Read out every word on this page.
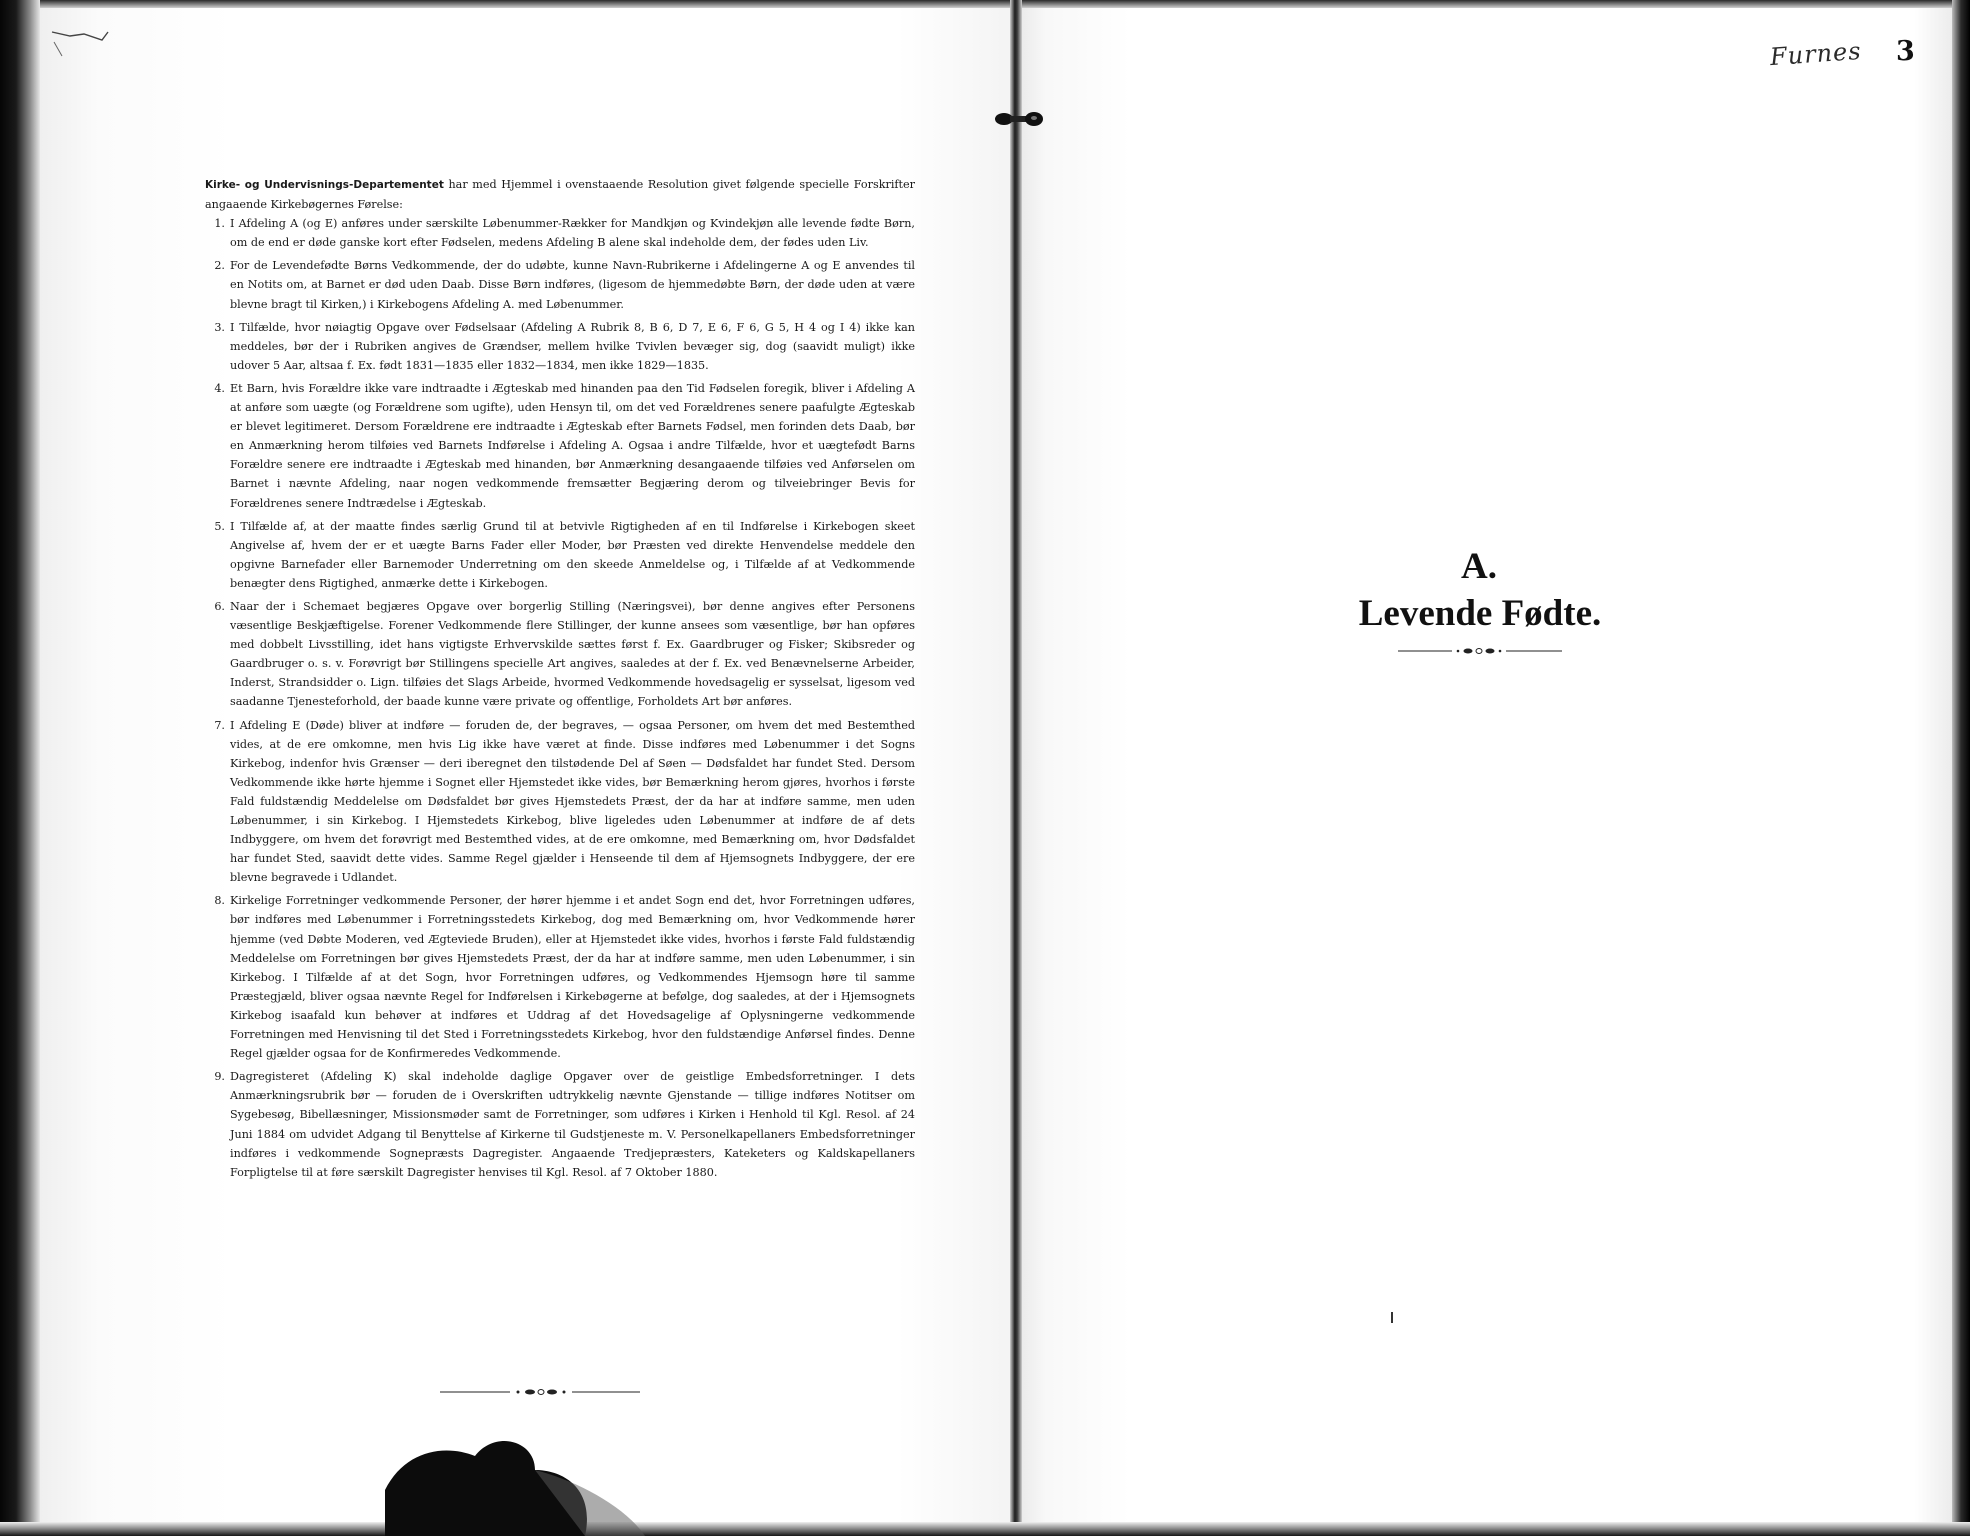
Kirke- og Undervisnings-Departementet har med Hjemmel i ovenstaaende Resolution givet følgende specielle Forskrifter angaaende Kirkebøgernes Førelse:

1. I Afdeling A (og E) anføres under særskilte Løbenummer-Rækker for Mandkjøn og Kvindekjøn alle levende fødte Børn, om de end er døde ganske kort efter Fødselen, medens Afdeling B alene skal indeholde dem, der fødes uden Liv.
2. For de Levendefødte Børns Vedkommende, der do udøbte, kunne Navn-Rubrikerne i Afdelingerne A og E anvendes til en Notits om, at Barnet er død uden Daab. Disse Børn indføres, (ligesom de hjemmedøbte Børn, der døde uden at være blevne bragt til Kirken,) i Kirkebogens Afdeling A. med Løbenummer.
3. I Tilfælde, hvor nøiagtig Opgave over Fødselsaar (Afdeling A Rubrik 8, B 6, D 7, E 6, F 6, G 5, H 4 og I 4) ikke kan meddeles, bør der i Rubriken angives de Grændser, mellem hvilke Tvivlen bevæger sig, dog (saavidt muligt) ikke udover 5 Aar, altsaa f. Ex. født 1831—1835 eller 1832—1834, men ikke 1829—1835.
4. Et Barn, hvis Forældre ikke vare indtraadte i Ægteskab med hinanden paa den Tid Fødselen foregik, bliver i Afdeling A at anføre som uægte (og Forældrene som ugifte), uden Hensyn til, om det ved Forældrenes senere paafulgte Ægteskab er blevet legitimeret. Dersom Forældrene ere indtraadte i Ægteskab efter Barnets Fødsel, men forinden dets Daab, bør en Anmærkning herom tilføies ved Barnets Indførelse i Afdeling A. Ogsaa i andre Tilfælde, hvor et uægtefødt Barns Forældre senere ere indtraadte i Ægteskab med hinanden, bør Anmærkning desangaaende tilføies ved Anførselen om Barnet i nævnte Afdeling, naar nogen vedkommende fremsætter Begjæring derom og tilveiebringer Bevis for Forældrenes senere Indtrædelse i Ægteskab.
5. I Tilfælde af, at der maatte findes særlig Grund til at betvivle Rigtigheden af en til Indførelse i Kirkebogen skeet Angivelse af, hvem der er et uægte Barns Fader eller Moder, bør Præsten ved direkte Henvendelse meddele den opgivne Barnefader eller Barnemoder Underretning om den skeede Anmeldelse og, i Tilfælde af at Vedkommende benægter dens Rigtighed, anmærke dette i Kirkebogen.
6. Naar der i Schemaet begjæres Opgave over borgerlig Stilling (Næringsvei), bør denne angives efter Personens væsentlige Beskjæftigelse. Forener Vedkommende flere Stillinger, der kunne ansees som væsentlige, bør han opføres med dobbelt Livsstilling, idet hans vigtigste Erhvervskilde sættes først f. Ex. Gaardbruger og Fisker; Skibsreder og Gaardbruger o. s. v. Forøvrigt bør Stillingens specielle Art angives, saaledes at der f. Ex. ved Benævnelserne Arbeider, Inderst, Strandsidder o. Lign. tilføies det Slags Arbeide, hvormed Vedkommende hovedsagelig er sysselsat, ligesom ved saadanne Tjenesteforhold, der baade kunne være private og offentlige, Forholdets Art bør anføres.
7. I Afdeling E (Døde) bliver at indføre — foruden de, der begraves, — ogsaa Personer, om hvem det med Bestemthed vides, at de ere omkomne, men hvis Lig ikke have været at finde. Disse indføres med Løbenummer i det Sogns Kirkebog, indenfor hvis Grænser — deri iberegnet den tilstødende Del af Søen — Dødsfaldet har fundet Sted. Dersom Vedkommende ikke hørte hjemme i Sognet eller Hjemstedet ikke vides, bør Bemærkning herom gjøres, hvorhos i første Fald fuldstændig Meddelelse om Dødsfaldet bør gives Hjemstedets Præst, der da har at indføre samme, men uden Løbenummer, i sin Kirkebog. I Hjemstedets Kirkebog, blive ligeledes uden Løbenummer at indføre de af dets Indbyggere, om hvem det forøvrigt med Bestemthed vides, at de ere omkomne, med Bemærkning om, hvor Dødsfaldet har fundet Sted, saavidt dette vides. Samme Regel gjælder i Henseende til dem af Hjemsognets Indbyggere, der ere blevne begravede i Udlandet.
8. Kirkelige Forretninger vedkommende Personer, der hører hjemme i et andet Sogn end det, hvor Forretningen udføres, bør indføres med Løbenummer i Forretningsstedets Kirkebog, dog med Bemærkning om, hvor Vedkommende hører hjemme (ved Døbte Moderen, ved Ægteviede Bruden), eller at Hjemstedet ikke vides, hvorhos i første Fald fuldstændig Meddelelse om Forretningen bør gives Hjemstedets Præst, der da har at indføre samme, men uden Løbenummer, i sin Kirkebog. I Tilfælde af at det Sogn, hvor Forretningen udføres, og Vedkommendes Hjemsogn høre til samme Præstegjæld, bliver ogsaa nævnte Regel for Indførelsen i Kirkebøgerne at befølge, dog saaledes, at der i Hjemsognets Kirkebog isaafald kun behøver at indføres et Uddrag af det Hovedsagelige af Oplysningerne vedkommende Forretningen med Henvisning til det Sted i Forretningsstedets Kirkebog, hvor den fuldstændige Anførsel findes. Denne Regel gjælder ogsaa for de Konfirmeredes Vedkommende.
9. Dagregisteret (Afdeling K) skal indeholde daglige Opgaver over de geistlige Embedsforretninger. I dets Anmærkningsrubrik bør — foruden de i Overskriften udtrykkelig nævnte Gjenstande — tillige indføres Notitser om Sygebesøg, Bibellæsninger, Missionsmøder samt de Forretninger, som udføres i Kirken i Henhold til Kgl. Resol. af 24 Juni 1884 om udvidet Adgang til Benyttelse af Kirkerne til Gudstjeneste m. V. Personelkapellaners Embedsforretninger indføres i vedkommende Sognepræsts Dagregister. Angaaende Tredjepræsters, Kateketers og Kaldskapellaners Forpligtelse til at føre særskilt Dagregister henvises til Kgl. Resol. af 7 Oktober 1880.
Furnes 3
A.
Levende Fødte.
